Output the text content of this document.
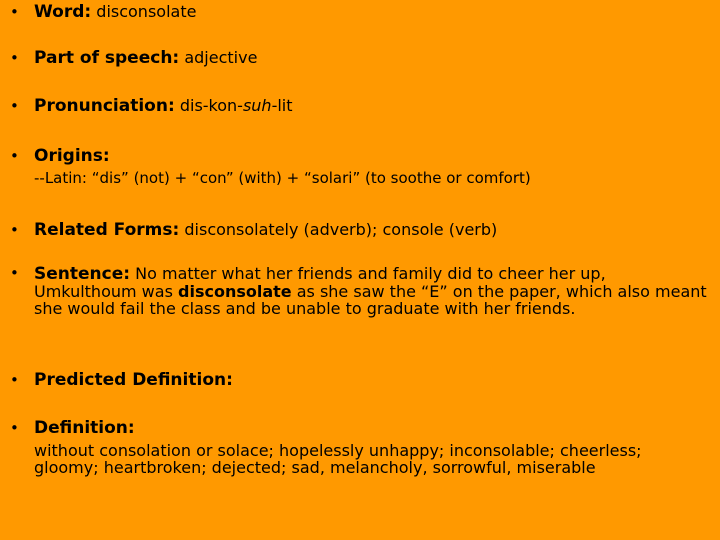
• Word:
disconsolate
• Part of speech:
adjective
• Pronunciation:
dis-kon-suh-lit
• Origins:
--Latin: “dis” (not) + “con” (with) + “solari” (to soothe or comfort)
• Related Forms:
disconsolately (adverb); console (verb)
• Sentence: No matter what her friends and family did to cheer her up, Umkulthoum was disconsolate as she saw the “E” on the paper, which also meant she would fail the class and be unable to graduate with her friends.
• Predicted Definition:
• Definition:
without consolation or solace; hopelessly unhappy; inconsolable; cheerless; gloomy; heartbroken; dejected; sad, melancholy, sorrowful, miserable
